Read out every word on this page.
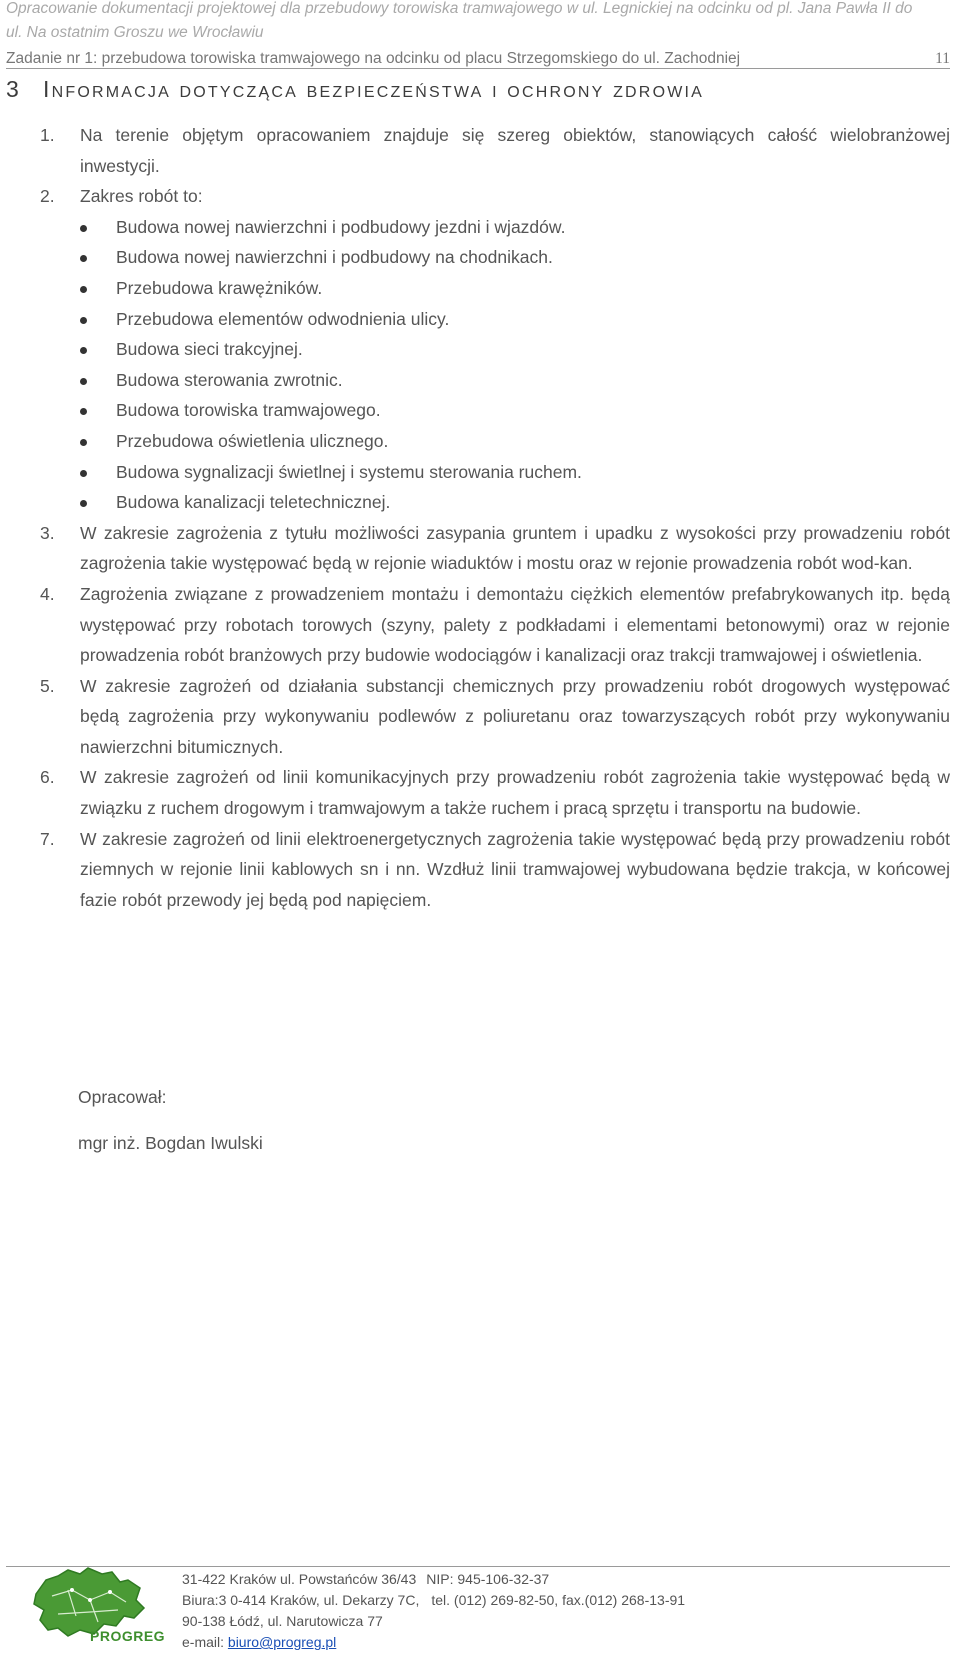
Opracowanie dokumentacji projektowej dla przebudowy torowiska tramwajowego w ul. Legnickiej na odcinku od pl. Jana Pawła II do
ul. Na ostatnim Groszu we Wrocławiu
Zadanie nr 1: przebudowa torowiska tramwajowego na odcinku od placu Strzegomskiego do ul. Zachodniej	11
3 Informacja dotycząca bezpieczeństwa i ochrony zdrowia
1. Na terenie objętym opracowaniem znajduje się szereg obiektów, stanowiących całość wielobranżowej inwestycji.
2. Zakres robót to:
Budowa nowej nawierzchni i podbudowy jezdni i wjazdów.
Budowa nowej nawierzchni i podbudowy na chodnikach.
Przebudowa krawężników.
Przebudowa elementów odwodnienia ulicy.
Budowa sieci trakcyjnej.
Budowa sterowania zwrotnic.
Budowa torowiska tramwajowego.
Przebudowa oświetlenia ulicznego.
Budowa sygnalizacji świetlnej i systemu sterowania ruchem.
Budowa kanalizacji teletechnicznej.
3. W zakresie zagrożenia z tytułu możliwości zasypania gruntem i upadku z wysokości przy prowadzeniu robót zagrożenia takie występować będą w rejonie wiaduktów i mostu oraz w rejonie prowadzenia robót wod-kan.
4. Zagrożenia związane z prowadzeniem montażu i demontażu ciężkich elementów prefabrykowanych itp. będą występować przy robotach torowych (szyny, palety z podkładami i elementami betonowymi) oraz w rejonie prowadzenia robót branżowych przy budowie wodociągów i kanalizacji oraz trakcji tramwajowej i oświetlenia.
5. W zakresie zagrożeń od działania substancji chemicznych przy prowadzeniu robót drogowych występować będą zagrożenia przy wykonywaniu podlewów z poliuretanu oraz towarzyszących robót przy wykonywaniu nawierzchni bitumicznych.
6. W zakresie zagrożeń od linii komunikacyjnych przy prowadzeniu robót zagrożenia takie występować będą w związku z ruchem drogowym i tramwajowym a także ruchem i pracą sprzętu i transportu na budowie.
7. W zakresie zagrożeń od linii elektroenergetycznych zagrożenia takie występować będą przy prowadzeniu robót ziemnych w rejonie linii kablowych sn i nn. Wzdłuż linii tramwajowej wybudowana będzie trakcja, w końcowej fazie robót przewody jej będą pod napięciem.
Opracował:
mgr inż. Bogdan Iwulski
PROGREG
31-422 Kraków ul. Powstańców 36/43 NIP: 945-106-32-37
Biura:3 0-414 Kraków, ul. Dekarzy 7C, tel. (012) 269-82-50, fax.(012) 268-13-91
90-138 Łódź, ul. Narutowicza 77
e-mail: biuro@progreg.pl
